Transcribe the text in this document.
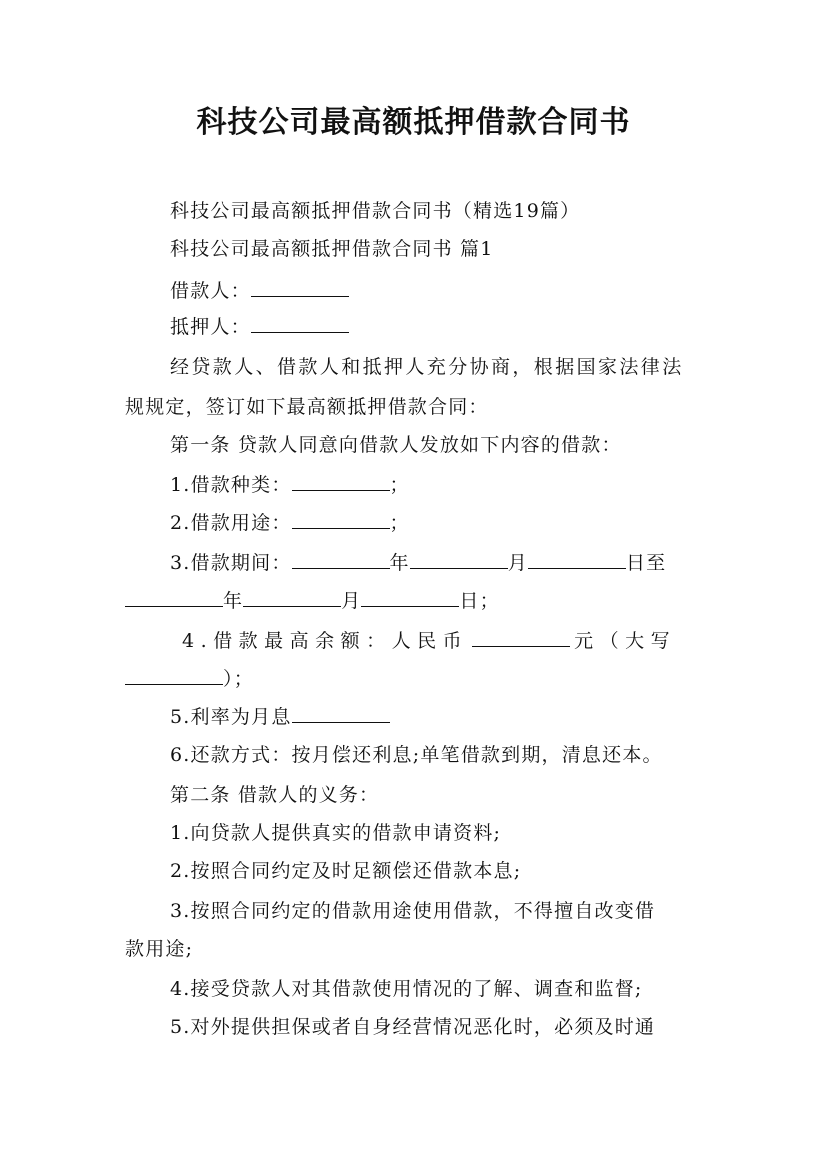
科技公司最高额抵押借款合同书
科技公司最高额抵押借款合同书（精选19篇）
科技公司最高额抵押借款合同书 篇1
借款人：
抵押人：
经贷款人、借款人和抵押人充分协商，根据国家法律法
规规定，签订如下最高额抵押借款合同：
第一条 贷款人同意向借款人发放如下内容的借款：
1.借款种类：	；
2.借款用途：	；
3.借款期间：	年	月	日至
年	月	日；
4.借款最高余额：人民币	元（大写
）；
5.利率为月息
6.还款方式：按月偿还利息;单笔借款到期，清息还本。
第二条 借款人的义务：
1.向贷款人提供真实的借款申请资料;
2.按照合同约定及时足额偿还借款本息;
3.按照合同约定的借款用途使用借款，不得擅自改变借
款用途;
4.接受贷款人对其借款使用情况的了解、调查和监督;
5.对外提供担保或者自身经营情况恶化时，必须及时通
